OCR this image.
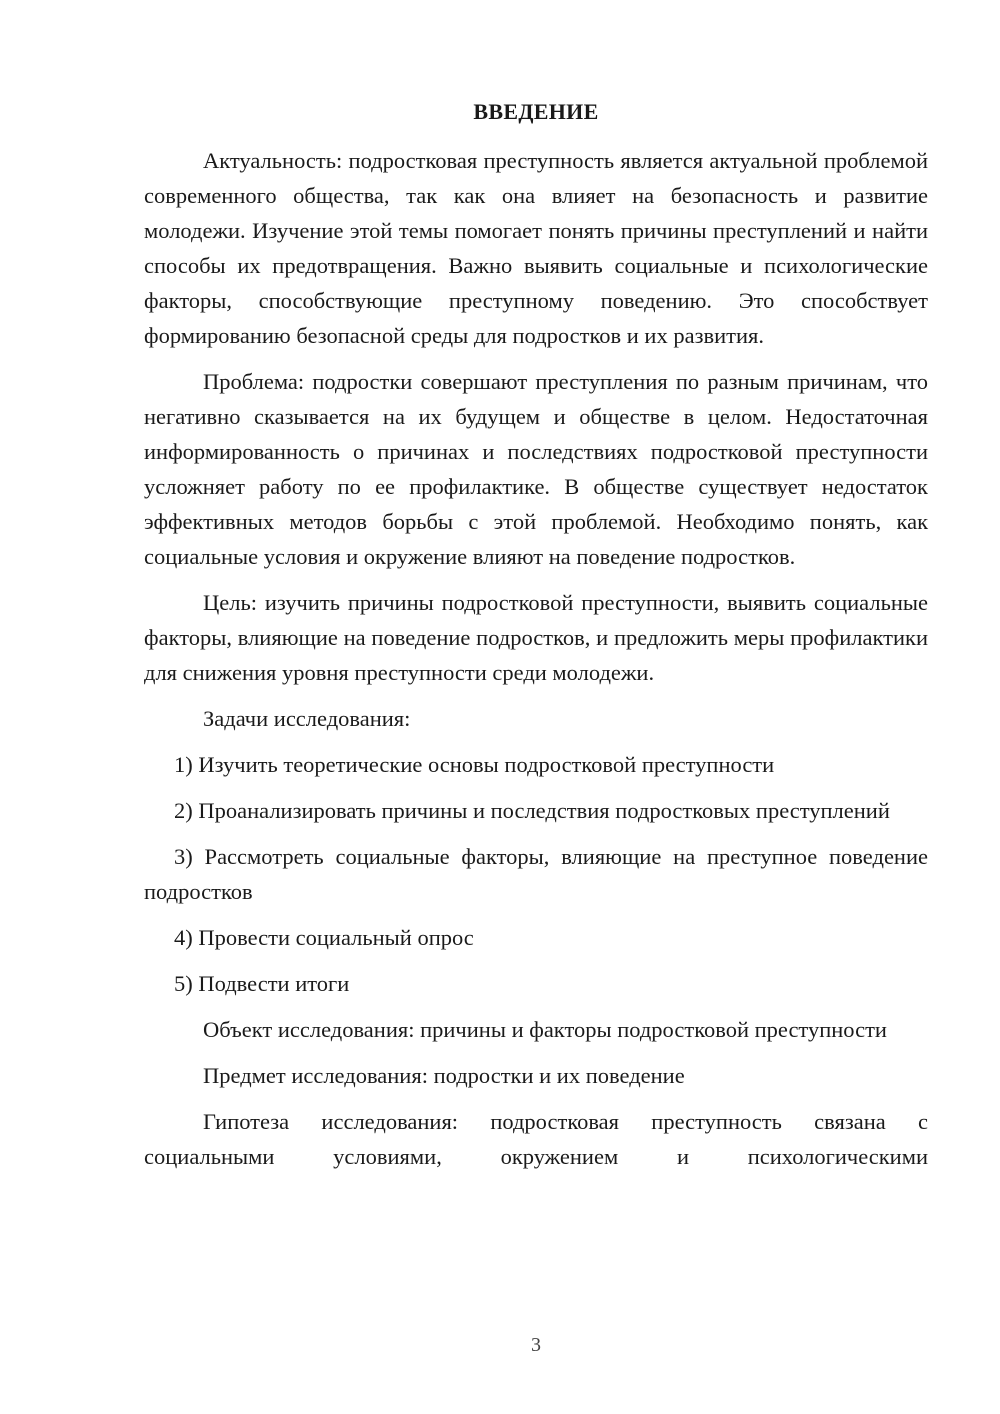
ВВЕДЕНИЕ

Актуальность: подростковая преступность является актуальной проблемой современного общества, так как она влияет на безопасность и развитие молодежи. Изучение этой темы помогает понять причины преступлений и найти способы их предотвращения. Важно выявить социальные и психологические факторы, способствующие преступному поведению. Это способствует формированию безопасной среды для подростков и их развития.

Проблема: подростки совершают преступления по разным причинам, что негативно сказывается на их будущем и обществе в целом. Недостаточная информированность о причинах и последствиях подростковой преступности усложняет работу по ее профилактике. В обществе существует недостаток эффективных методов борьбы с этой проблемой. Необходимо понять, как социальные условия и окружение влияют на поведение подростков.

Цель: изучить причины подростковой преступности, выявить социальные факторы, влияющие на поведение подростков, и предложить меры профилактики для снижения уровня преступности среди молодежи.

Задачи исследования:

1) Изучить теоретические основы подростковой преступности

2) Проанализировать причины и последствия подростковых преступлений

3) Рассмотреть социальные факторы, влияющие на преступное поведение подростков

4) Провести социальный опрос

5) Подвести итоги

Объект исследования: причины и факторы подростковой преступности

Предмет исследования: подростки и их поведение

Гипотеза исследования: подростковая преступность связана с социальными условиями, окружением и психологическими

3
